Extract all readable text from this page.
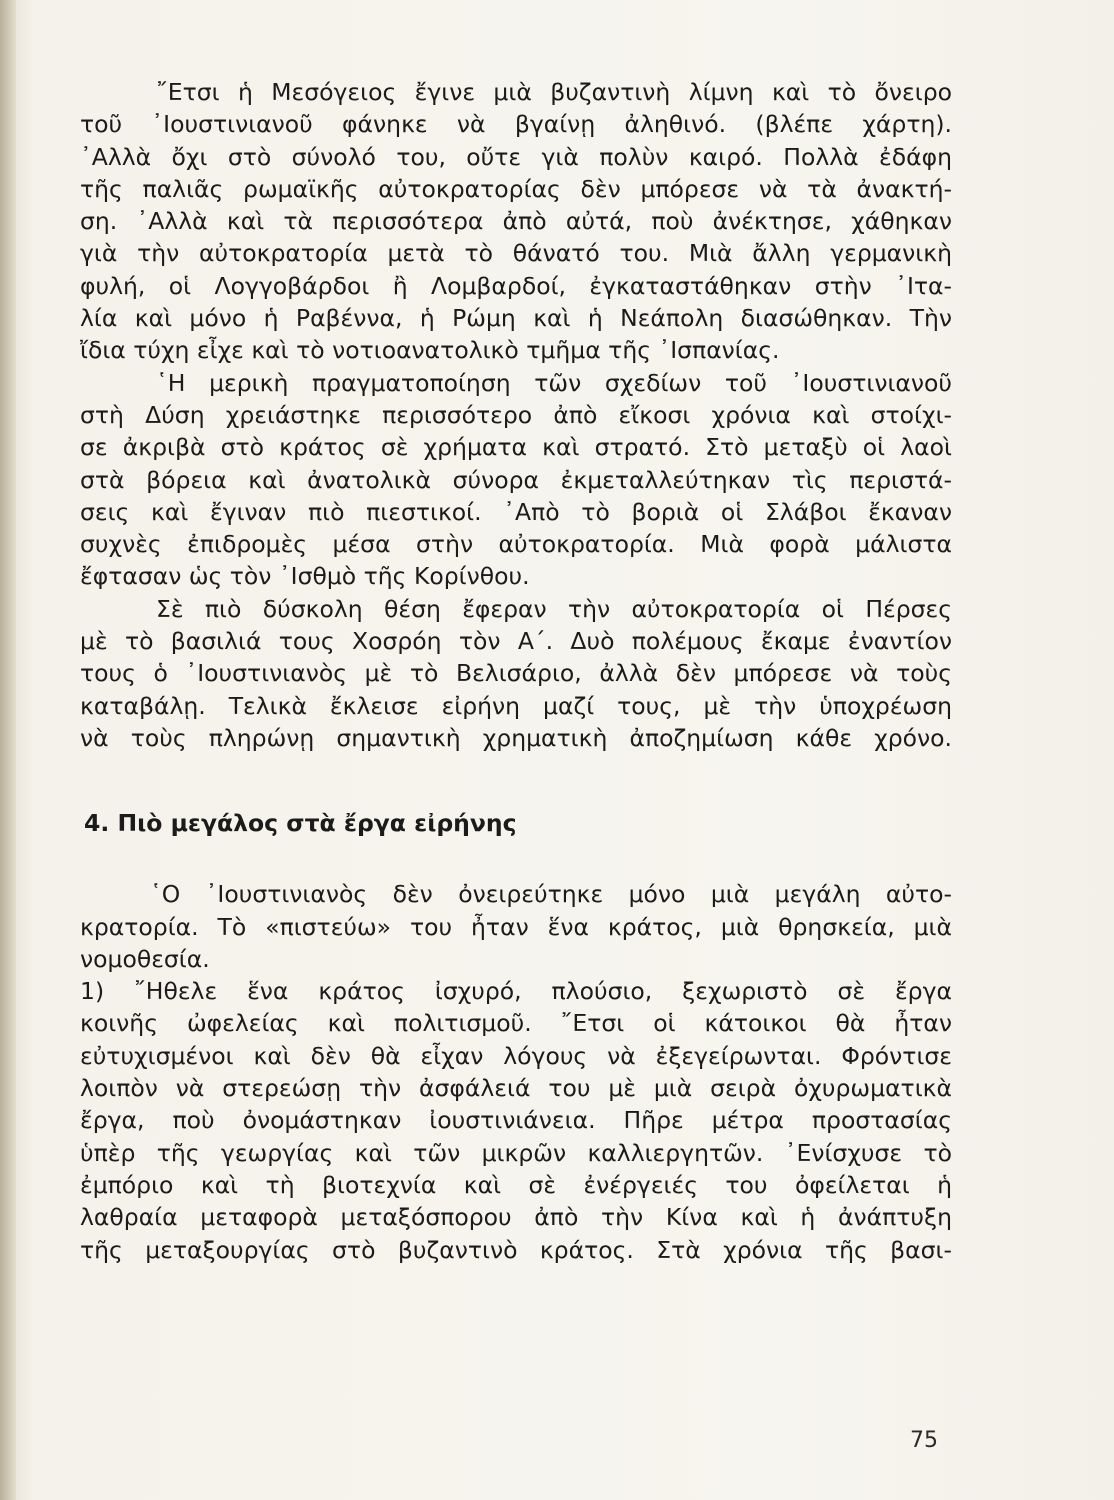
῎Ετσι ἡ Μεσόγειος ἔγινε μιὰ βυζαντινὴ λίμνη καὶ τὸ ὄνειρο
τοῦ ᾿Ιουστινιανοῦ φάνηκε νὰ βγαίνῃ ἀληθινό. (βλέπε χάρτη).
᾿Αλλὰ ὄχι στὸ σύνολό του, οὔτε γιὰ πολὺν καιρό. Πολλὰ ἐδάφη
τῆς παλιᾶς ρωμαϊκῆς αὐτοκρατορίας δὲν μπόρεσε νὰ τὰ ἀνακτή-
ση. ᾿Αλλὰ καὶ τὰ περισσότερα ἀπὸ αὐτά, ποὺ ἀνέκτησε, χάθηκαν
γιὰ τὴν αὐτοκρατορία μετὰ τὸ θάνατό του. Μιὰ ἄλλη γερμανικὴ
φυλή, οἱ Λογγοβάρδοι ἢ Λομβαρδοί, ἐγκαταστάθηκαν στὴν ᾿Ιτα-
λία καὶ μόνο ἡ Ραβέννα, ἡ Ρώμη καὶ ἡ Νεάπολη διασώθηκαν. Τὴν
ἴδια τύχη εἶχε καὶ τὸ νοτιοανατολικὸ τμῆμα τῆς ᾿Ισπανίας.
῾Η μερικὴ πραγματοποίηση τῶν σχεδίων τοῦ ᾿Ιουστινιανοῦ
στὴ Δύση χρειάστηκε περισσότερο ἀπὸ εἴκοσι χρόνια καὶ στοίχι-
σε ἀκριβὰ στὸ κράτος σὲ χρήματα καὶ στρατό. Στὸ μεταξὺ οἱ λαοὶ
στὰ βόρεια καὶ ἀνατολικὰ σύνορα ἐκμεταλλεύτηκαν τὶς περιστά-
σεις καὶ ἔγιναν πιὸ πιεστικοί. ᾿Απὸ τὸ βοριὰ οἱ Σλάβοι ἔκαναν
συχνὲς ἐπιδρομὲς μέσα στὴν αὐτοκρατορία. Μιὰ φορὰ μάλιστα
ἔφτασαν ὡς τὸν ᾿Ισθμὸ τῆς Κορίνθου.
Σὲ πιὸ δύσκολη θέση ἔφεραν τὴν αὐτοκρατορία οἱ Πέρσες
μὲ τὸ βασιλιά τους Χοσρόη τὸν Α΄. Δυὸ πολέμους ἔκαμε ἐναντίον
τους ὁ ᾿Ιουστινιανὸς μὲ τὸ Βελισάριο, ἀλλὰ δὲν μπόρεσε νὰ τοὺς
καταβάλῃ. Τελικὰ ἔκλεισε εἰρήνη μαζί τους, μὲ τὴν ὑποχρέωση
νὰ τοὺς πληρώνῃ σημαντικὴ χρηματικὴ ἀποζημίωση κάθε χρόνο.
4. Πιὸ μεγάλος στὰ ἔργα εἰρήνης
῾Ο ᾿Ιουστινιανὸς δὲν ὀνειρεύτηκε μόνο μιὰ μεγάλη αὐτο-
κρατορία. Τὸ «πιστεύω» του ἦταν ἕνα κράτος, μιὰ θρησκεία, μιὰ
νομοθεσία.
1) ῎Ηθελε ἕνα κράτος ἰσχυρό, πλούσιο, ξεχωριστὸ σὲ ἔργα
κοινῆς ὠφελείας καὶ πολιτισμοῦ. ῎Ετσι οἱ κάτοικοι θὰ ἦταν
εὐτυχισμένοι καὶ δὲν θὰ εἶχαν λόγους νὰ ἐξεγείρωνται. Φρόντισε
λοιπὸν νὰ στερεώσῃ τὴν ἀσφάλειά του μὲ μιὰ σειρὰ ὀχυρωματικὰ
ἔργα, ποὺ ὀνομάστηκαν ἰουστινιάνεια. Πῆρε μέτρα προστασίας
ὑπὲρ τῆς γεωργίας καὶ τῶν μικρῶν καλλιεργητῶν. ᾿Ενίσχυσε τὸ
ἐμπόριο καὶ τὴ βιοτεχνία καὶ σὲ ἐνέργειές του ὀφείλεται ἡ
λαθραία μεταφορὰ μεταξόσπορου ἀπὸ τὴν Κίνα καὶ ἡ ἀνάπτυξη
τῆς μεταξουργίας στὸ βυζαντινὸ κράτος. Στὰ χρόνια τῆς βασι-
75
